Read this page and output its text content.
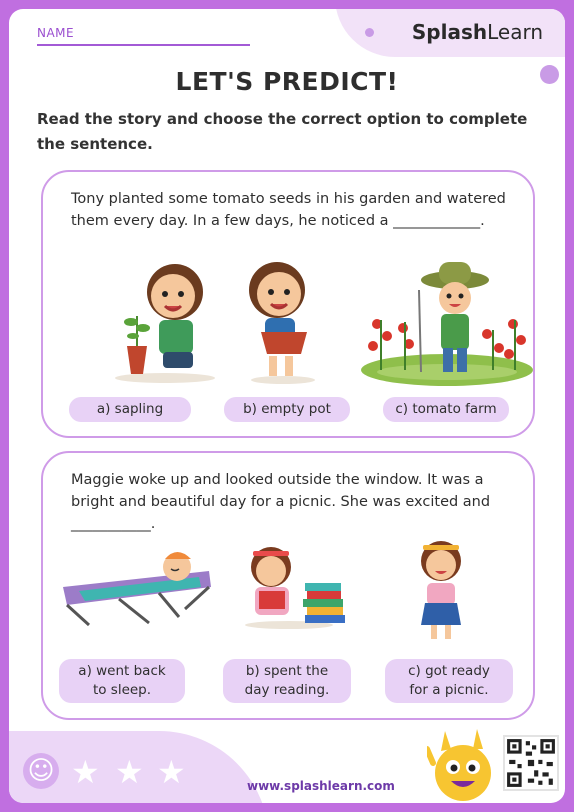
NAME	SplashLearn
LET'S PREDICT!
Read the story and choose the correct option to complete the sentence.
Tony planted some tomato seeds in his garden and watered them every day. In a few days, he noticed a ____________.
a) sapling	b) empty pot	c) tomato farm
Maggie woke up and looked outside the window. It was a bright and beautiful day for a picnic. She was excited and ___________.
a) went back
to sleep.
b) spent the
day reading.
c) got ready
for a picnic.
☺ ★ ★ ★	www.splashlearn.com
